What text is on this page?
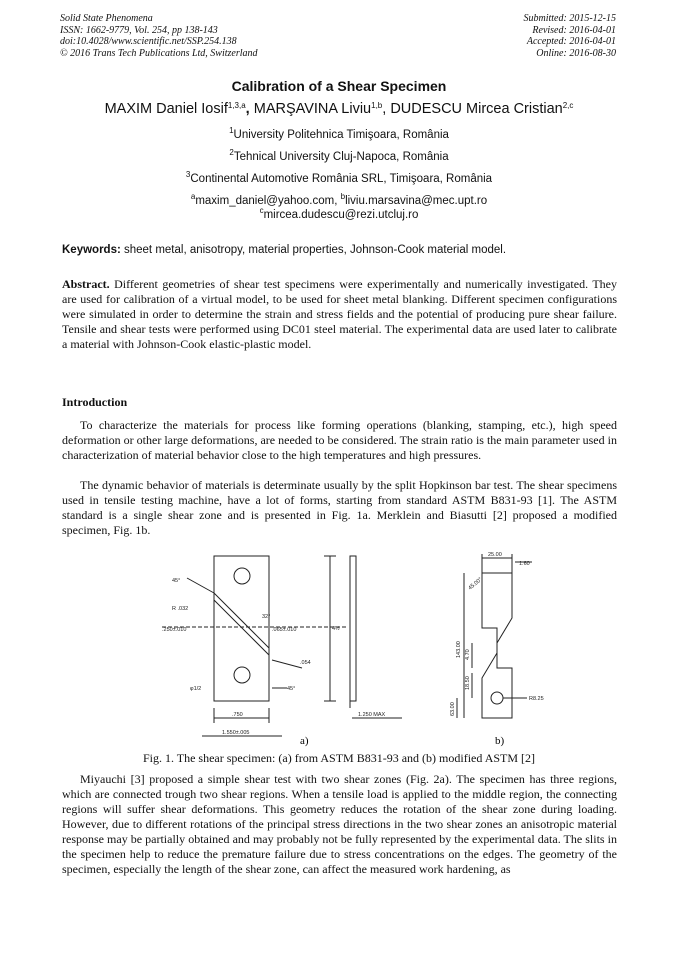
Solid State Phenomena
ISSN: 1662-9779, Vol. 254, pp 138-143
doi:10.4028/www.scientific.net/SSP.254.138
© 2016 Trans Tech Publications Ltd, Switzerland
Submitted: 2015-12-15
Revised: 2016-04-01
Accepted: 2016-04-01
Online: 2016-08-30
Calibration of a Shear Specimen
MAXIM Daniel Iosif$^{1,3,a}$, MARŞAVINA Liviu$^{1,b}$, DUDESCU Mircea Cristian$^{2,c}$
$^1$University Politehnica Timişoara, România
$^2$Tehnical University Cluj-Napoca, România
$^3$Continental Automotive România SRL, Timişoara, România
$^a$maxim_daniel@yahoo.com, $^b$liviu.marsavina@mec.upt.ro
$^c$mircea.dudescu@rezi.utcluj.ro
Keywords: sheet metal, anisotropy, material properties, Johnson-Cook material model.
Abstract. Different geometries of shear test specimens were experimentally and numerically investigated. They are used for calibration of a virtual model, to be used for sheet metal blanking. Different specimen configurations were simulated in order to determine the strain and stress fields and the potential of producing pure shear failure. Tensile and shear tests were performed using DC01 steel material. The experimental data are used later to calibrate a material with Johnson-Cook elastic-plastic model.
Introduction
To characterize the materials for process like forming operations (blanking, stamping, etc.), high speed deformation or other large deformations, are needed to be considered. The strain ratio is the main parameter used in characterization of material behavior close to the high temperatures and high pressures.
The dynamic behavior of materials is determinate usually by the split Hopkinson bar test. The shear specimens used in tensile testing machine, have a lot of forms, starting from standard ASTM B831-93 [1]. The ASTM standard is a single shear zone and is presented in Fig. 1a. Merklein and Biasutti [2] proposed a modified specimen, Fig. 1b.
45°
R .032
.250±.010
32°
.065±.010	4½
.054
φ1/2	45°
.750	1.250 MAX
1.550±.005
25.00
1.60
45.00°
143.00 4.70
18.50
63.00
R8.25
a)	b)
Fig. 1. The shear specimen: (a) from ASTM B831-93 and (b) modified ASTM [2]
Miyauchi [3] proposed a simple shear test with two shear zones (Fig. 2a). The specimen has three regions, which are connected trough two shear regions. When a tensile load is applied to the middle region, the connecting regions will suffer shear deformations. This geometry reduces the rotation of the shear zone during loading. However, due to different rotations of the principal stress directions in the two shear zones an anisotropic material response may be partially obtained and may probably not be fully represented by the experimental data. The slits in the specimen help to reduce the premature failure due to stress concentrations on the edges. The geometry of the specimen, especially the length of the shear zone, can affect the measured work hardening, as
